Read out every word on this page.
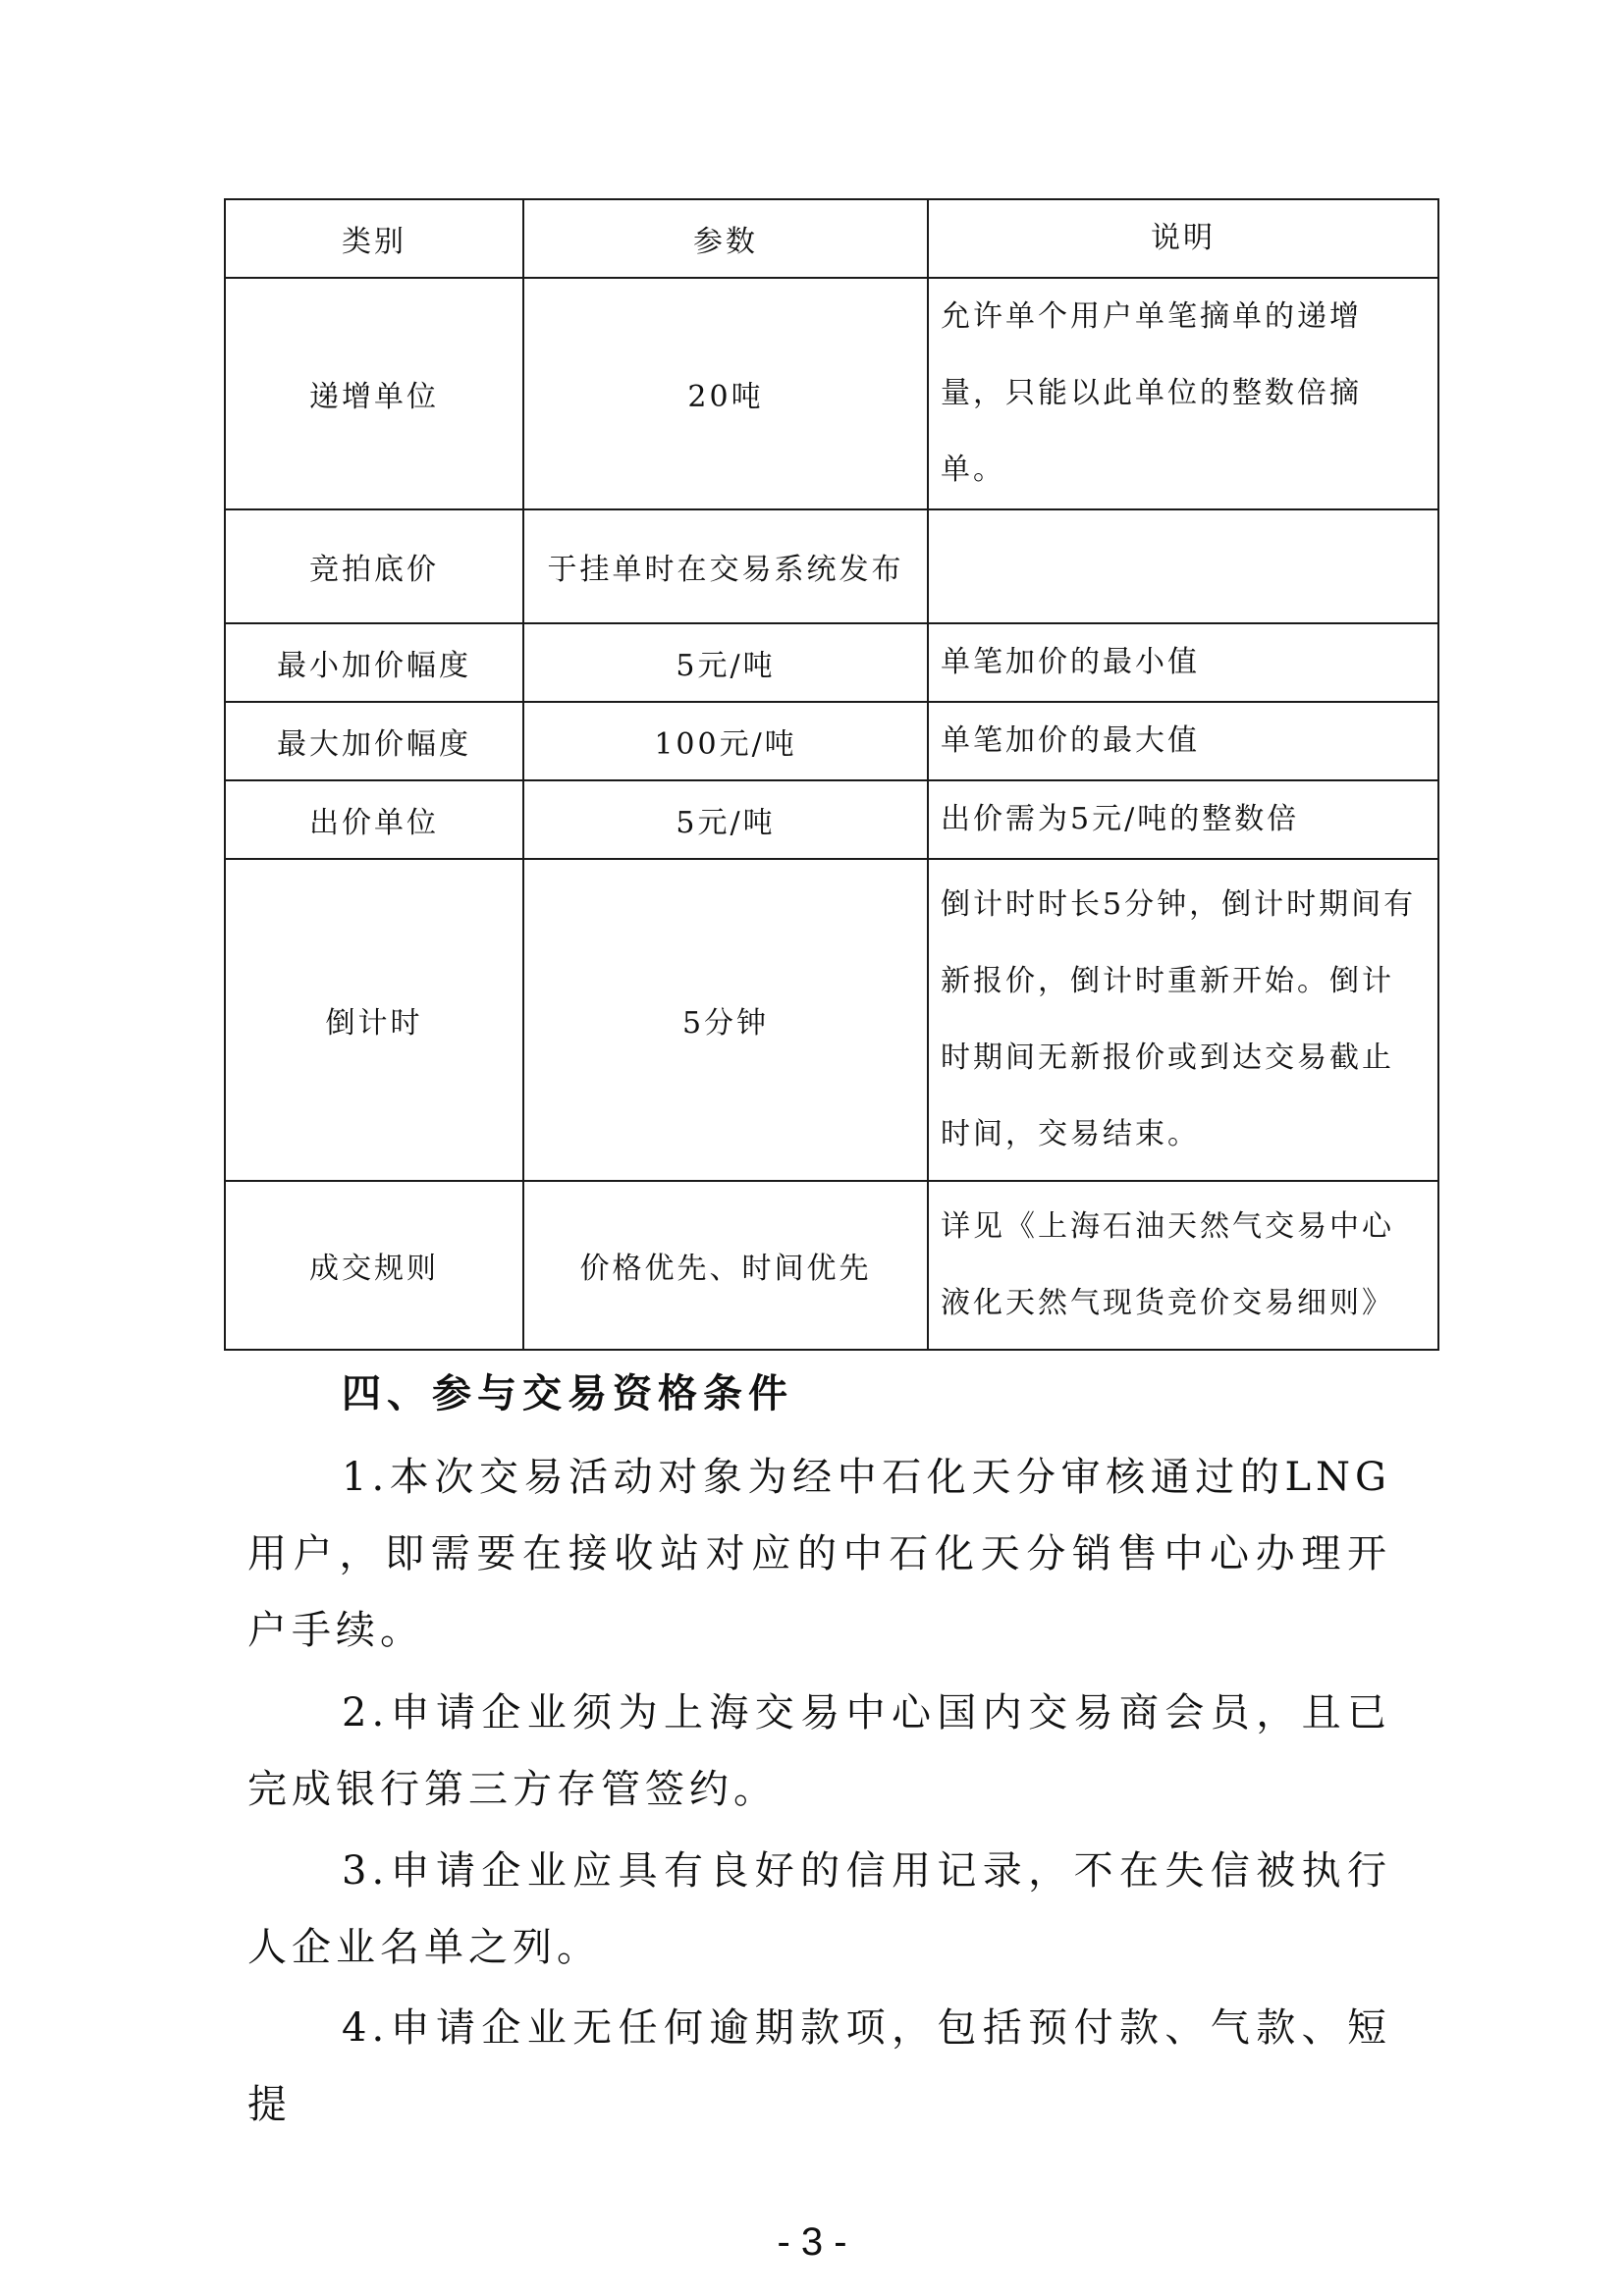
类别	参数	说明
递增单位	20吨	允许单个用户单笔摘单的递增量，只能以此单位的整数倍摘单。
竞拍底价	于挂单时在交易系统发布	
最小加价幅度	5元/吨	单笔加价的最小值
最大加价幅度	100元/吨	单笔加价的最大值
出价单位	5元/吨	出价需为5元/吨的整数倍
倒计时	5分钟	倒计时时长5分钟，倒计时期间有新报价，倒计时重新开始。倒计时期间无新报价或到达交易截止时间，交易结束。
成交规则	价格优先、时间优先	详见《上海石油天然气交易中心液化天然气现货竞价交易细则》
四、参与交易资格条件
1.本次交易活动对象为经中石化天分审核通过的LNG用户，即需要在接收站对应的中石化天分销售中心办理开户手续。
2.申请企业须为上海交易中心国内交易商会员，且已完成银行第三方存管签约。
3.申请企业应具有良好的信用记录，不在失信被执行人企业名单之列。
4.申请企业无任何逾期款项，包括预付款、气款、短提
- 3 -
